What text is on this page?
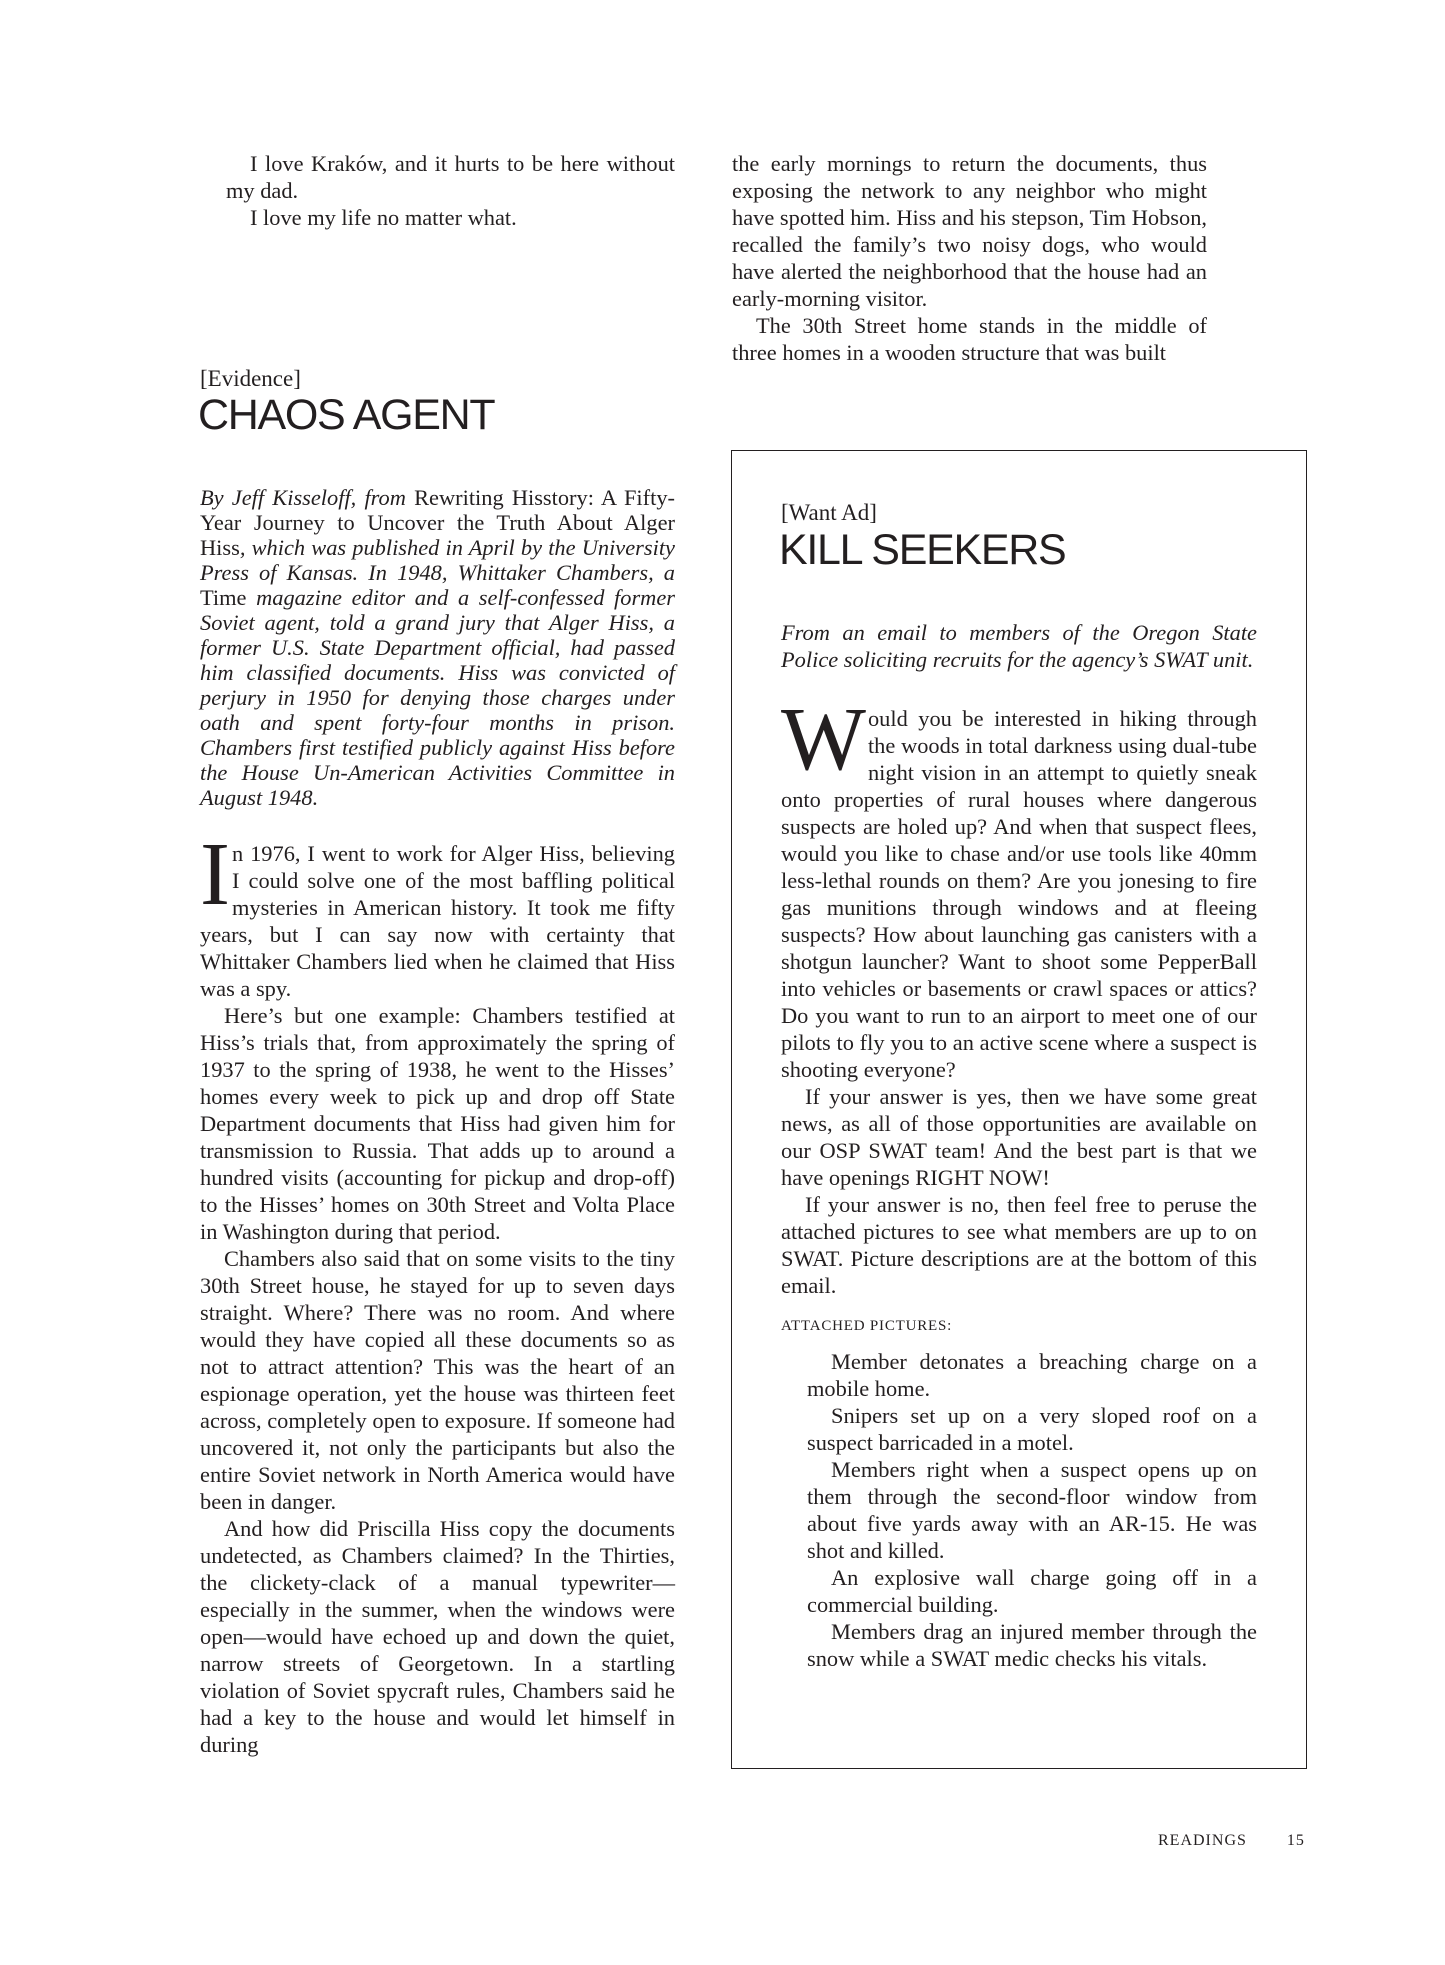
I love Kraków, and it hurts to be here without my dad.

I love my life no matter what.

[Evidence]
CHAOS AGENT
By Jeff Kisseloff, from Rewriting Hisstory: A Fifty-Year Journey to Uncover the Truth About Alger Hiss, which was published in April by the University Press of Kansas. In 1948, Whittaker Chambers, a Time magazine editor and a self-confessed former Soviet agent, told a grand jury that Alger Hiss, a former U.S. State Department official, had passed him classified documents. Hiss was convicted of perjury in 1950 for denying those charges under oath and spent forty-four months in prison. Chambers first testified publicly against Hiss before the House Un-American Activities Committee in August 1948.

In 1976, I went to work for Alger Hiss, believing I could solve one of the most baffling political mysteries in American history. It took me fifty years, but I can say now with certainty that Whittaker Chambers lied when he claimed that Hiss was a spy.

Here’s but one example: Chambers testified at Hiss’s trials that, from approximately the spring of 1937 to the spring of 1938, he went to the Hisses’ homes every week to pick up and drop off State Department documents that Hiss had given him for transmission to Russia. That adds up to around a hundred visits (accounting for pickup and drop-off) to the Hisses’ homes on 30th Street and Volta Place in Washington during that period.

Chambers also said that on some visits to the tiny 30th Street house, he stayed for up to seven days straight. Where? There was no room. And where would they have copied all these documents so as not to attract attention? This was the heart of an espionage operation, yet the house was thirteen feet across, completely open to exposure. If someone had uncovered it, not only the participants but also the entire Soviet network in North America would have been in danger.

And how did Priscilla Hiss copy the documents undetected, as Chambers claimed? In the Thirties, the clickety-clack of a manual typewriter—especially in the summer, when the windows were open—would have echoed up and down the quiet, narrow streets of Georgetown. In a startling violation of Soviet spycraft rules, Chambers said he had a key to the house and would let himself in during

the early mornings to return the documents, thus exposing the network to any neighbor who might have spotted him. Hiss and his stepson, Tim Hobson, recalled the family’s two noisy dogs, who would have alerted the neighborhood that the house had an early-morning visitor.

The 30th Street home stands in the middle of three homes in a wooden structure that was built

[Want Ad]
KILL SEEKERS
From an email to members of the Oregon State Police soliciting recruits for the agency’s SWAT unit.

Would you be interested in hiking through the woods in total darkness using dual-tube night vision in an attempt to quietly sneak onto properties of rural houses where dangerous suspects are holed up? And when that suspect flees, would you like to chase and/or use tools like 40mm less-lethal rounds on them? Are you jonesing to fire gas munitions through windows and at fleeing suspects? How about launching gas canisters with a shotgun launcher? Want to shoot some PepperBall into vehicles or basements or crawl spaces or attics? Do you want to run to an airport to meet one of our pilots to fly you to an active scene where a suspect is shooting everyone?

If your answer is yes, then we have some great news, as all of those opportunities are available on our OSP SWAT team! And the best part is that we have openings RIGHT NOW!

If your answer is no, then feel free to peruse the attached pictures to see what members are up to on SWAT. Picture descriptions are at the bottom of this email.

ATTACHED PICTURES:

Member detonates a breaching charge on a mobile home.

Snipers set up on a very sloped roof on a suspect barricaded in a motel.

Members right when a suspect opens up on them through the second-floor window from about five yards away with an AR-15. He was shot and killed.

An explosive wall charge going off in a commercial building.

Members drag an injured member through the snow while a SWAT medic checks his vitals.

READINGS	15
